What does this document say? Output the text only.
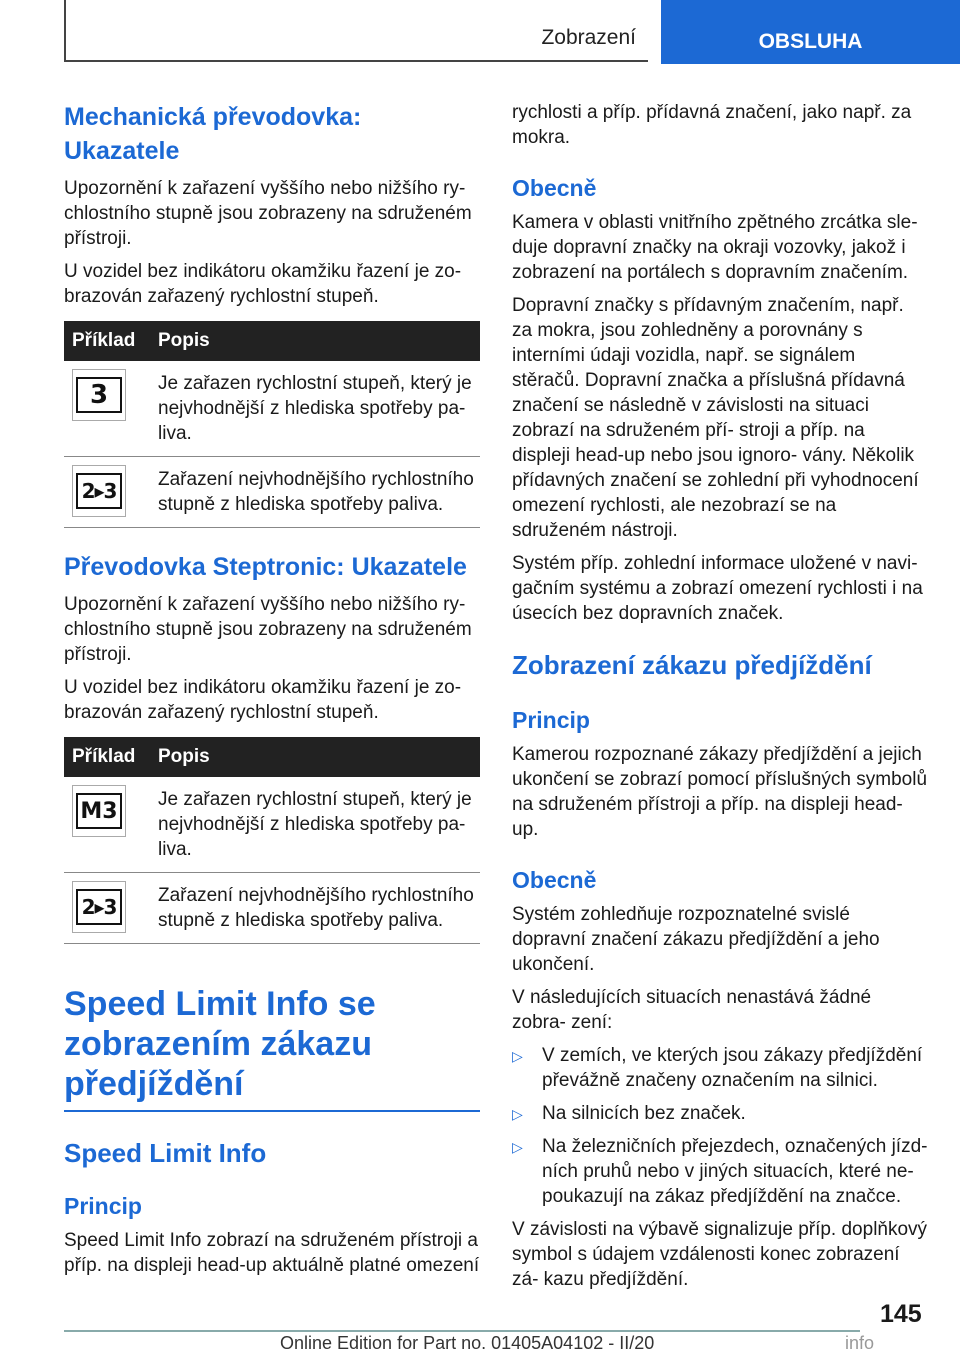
Zobrazení	OBSLUHA
Mechanická převodovka: Ukazatele

Upozornění k zařazení vyššího nebo nižšího ry- chlostního stupně jsou zobrazeny na sdruženém přístroji.

U vozidel bez indikátoru okamžiku řazení je zo- brazován zařazený rychlostní stupeň.

Příklad	Popis

3	Je zařazen rychlostní stupeň, který je nejvhodnější z hlediska spotřeby pa- liva.

2▸3	Zařazení nejvhodnějšího rychlostního stupně z hlediska spotřeby paliva.
Převodovka Steptronic: Ukazatele

Upozornění k zařazení vyššího nebo nižšího ry- chlostního stupně jsou zobrazeny na sdruženém přístroji.

U vozidel bez indikátoru okamžiku řazení je zo- brazován zařazený rychlostní stupeň.

Příklad	Popis

M3	Je zařazen rychlostní stupeň, který je nejvhodnější z hlediska spotřeby pa- liva.

2▸3	Zařazení nejvhodnějšího rychlostního stupně z hlediska spotřeby paliva.
Speed Limit Info se zobrazením zákazu předjíždění
Speed Limit Info
Princip

Speed Limit Info zobrazí na sdruženém přístroji a příp. na displeji head-up aktuálně platné omezení

rychlosti a příp. přídavná značení, jako např. za mokra.

Obecně

Kamera v oblasti vnitřního zpětného zrcátka sle- duje dopravní značky na okraji vozovky, jakož i zobrazení na portálech s dopravním značením.

Dopravní značky s přídavným značením, např. za mokra, jsou zohledněny a porovnány s interními údaji vozidla, např. se signálem stěračů. Dopravní značka a příslušná přídavná značení se následně v závislosti na situaci zobrazí na sdruženém pří- stroji a příp. na displeji head-up nebo jsou ignoro- vány. Několik přídavných značení se zohlední při vyhodnocení omezení rychlosti, ale nezobrazí se na sdruženém nástroji.

Systém příp. zohlední informace uložené v navi- gačním systému a zobrazí omezení rychlosti i na úsecích bez dopravních značek.

Zobrazení zákazu předjíždění
Princip

Kamerou rozpoznané zákazy předjíždění a jejich ukončení se zobrazí pomocí příslušných symbolů na sdruženém přístroji a příp. na displeji head-up.

Obecně

Systém zohledňuje rozpoznatelné svislé dopravní značení zákazu předjíždění a jeho ukončení.

V následujících situacích nenastává žádné zobra- zení:

▷ V zemích, ve kterých jsou zákazy předjíždění převážně značeny označením na silnici.
▷ Na silnicích bez značek.
▷ Na železničních přejezdech, označených jízd- ních pruhů nebo v jiných situacích, které ne- poukazují na zákaz předjíždění na značce.

V závislosti na výbavě signalizuje příp. doplňkový symbol s údajem vzdálenosti konec zobrazení zá- kazu předjíždění.

145
Online Edition for Part no. 01405A04102 - II/20	info
